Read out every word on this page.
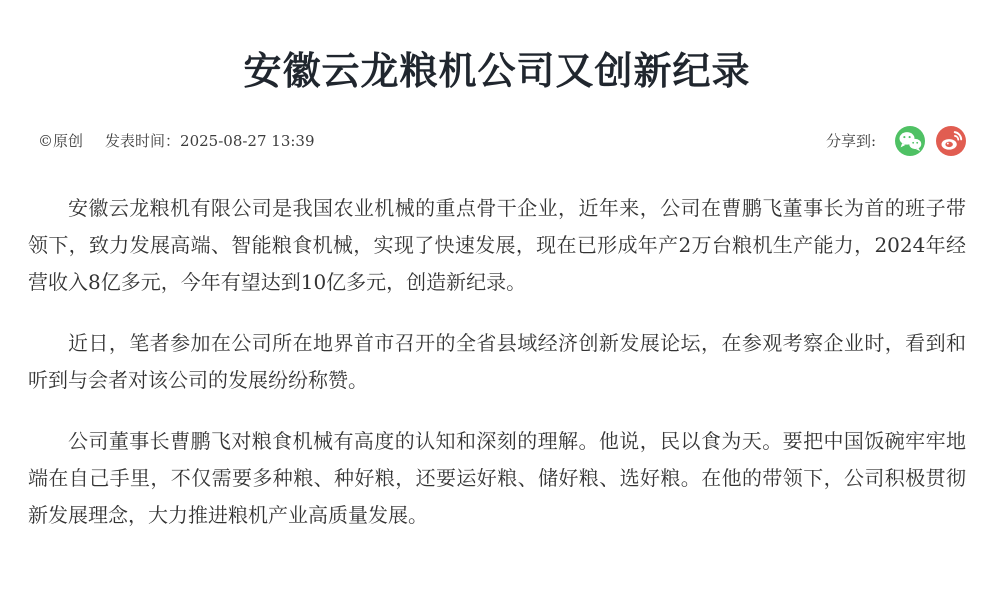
安徽云龙粮机公司又创新纪录
©原创 发表时间：2025-08-27 13:39	分享到:

安徽云龙粮机有限公司是我国农业机械的重点骨干企业，近年来，公司在曹鹏飞董事长为首的班子带领下，致力发展高端、智能粮食机械，实现了快速发展，现在已形成年产2万台粮机生产能力，2024年经营收入8亿多元，今年有望达到10亿多元，创造新纪录。

近日，笔者参加在公司所在地界首市召开的全省县域经济创新发展论坛，在参观考察企业时，看到和听到与会者对该公司的发展纷纷称赞。

公司董事长曹鹏飞对粮食机械有高度的认知和深刻的理解。他说，民以食为天。要把中国饭碗牢牢地端在自己手里，不仅需要多种粮、种好粮，还要运好粮、储好粮、选好粮。在他的带领下，公司积极贯彻新发展理念，大力推进粮机产业高质量发展。
